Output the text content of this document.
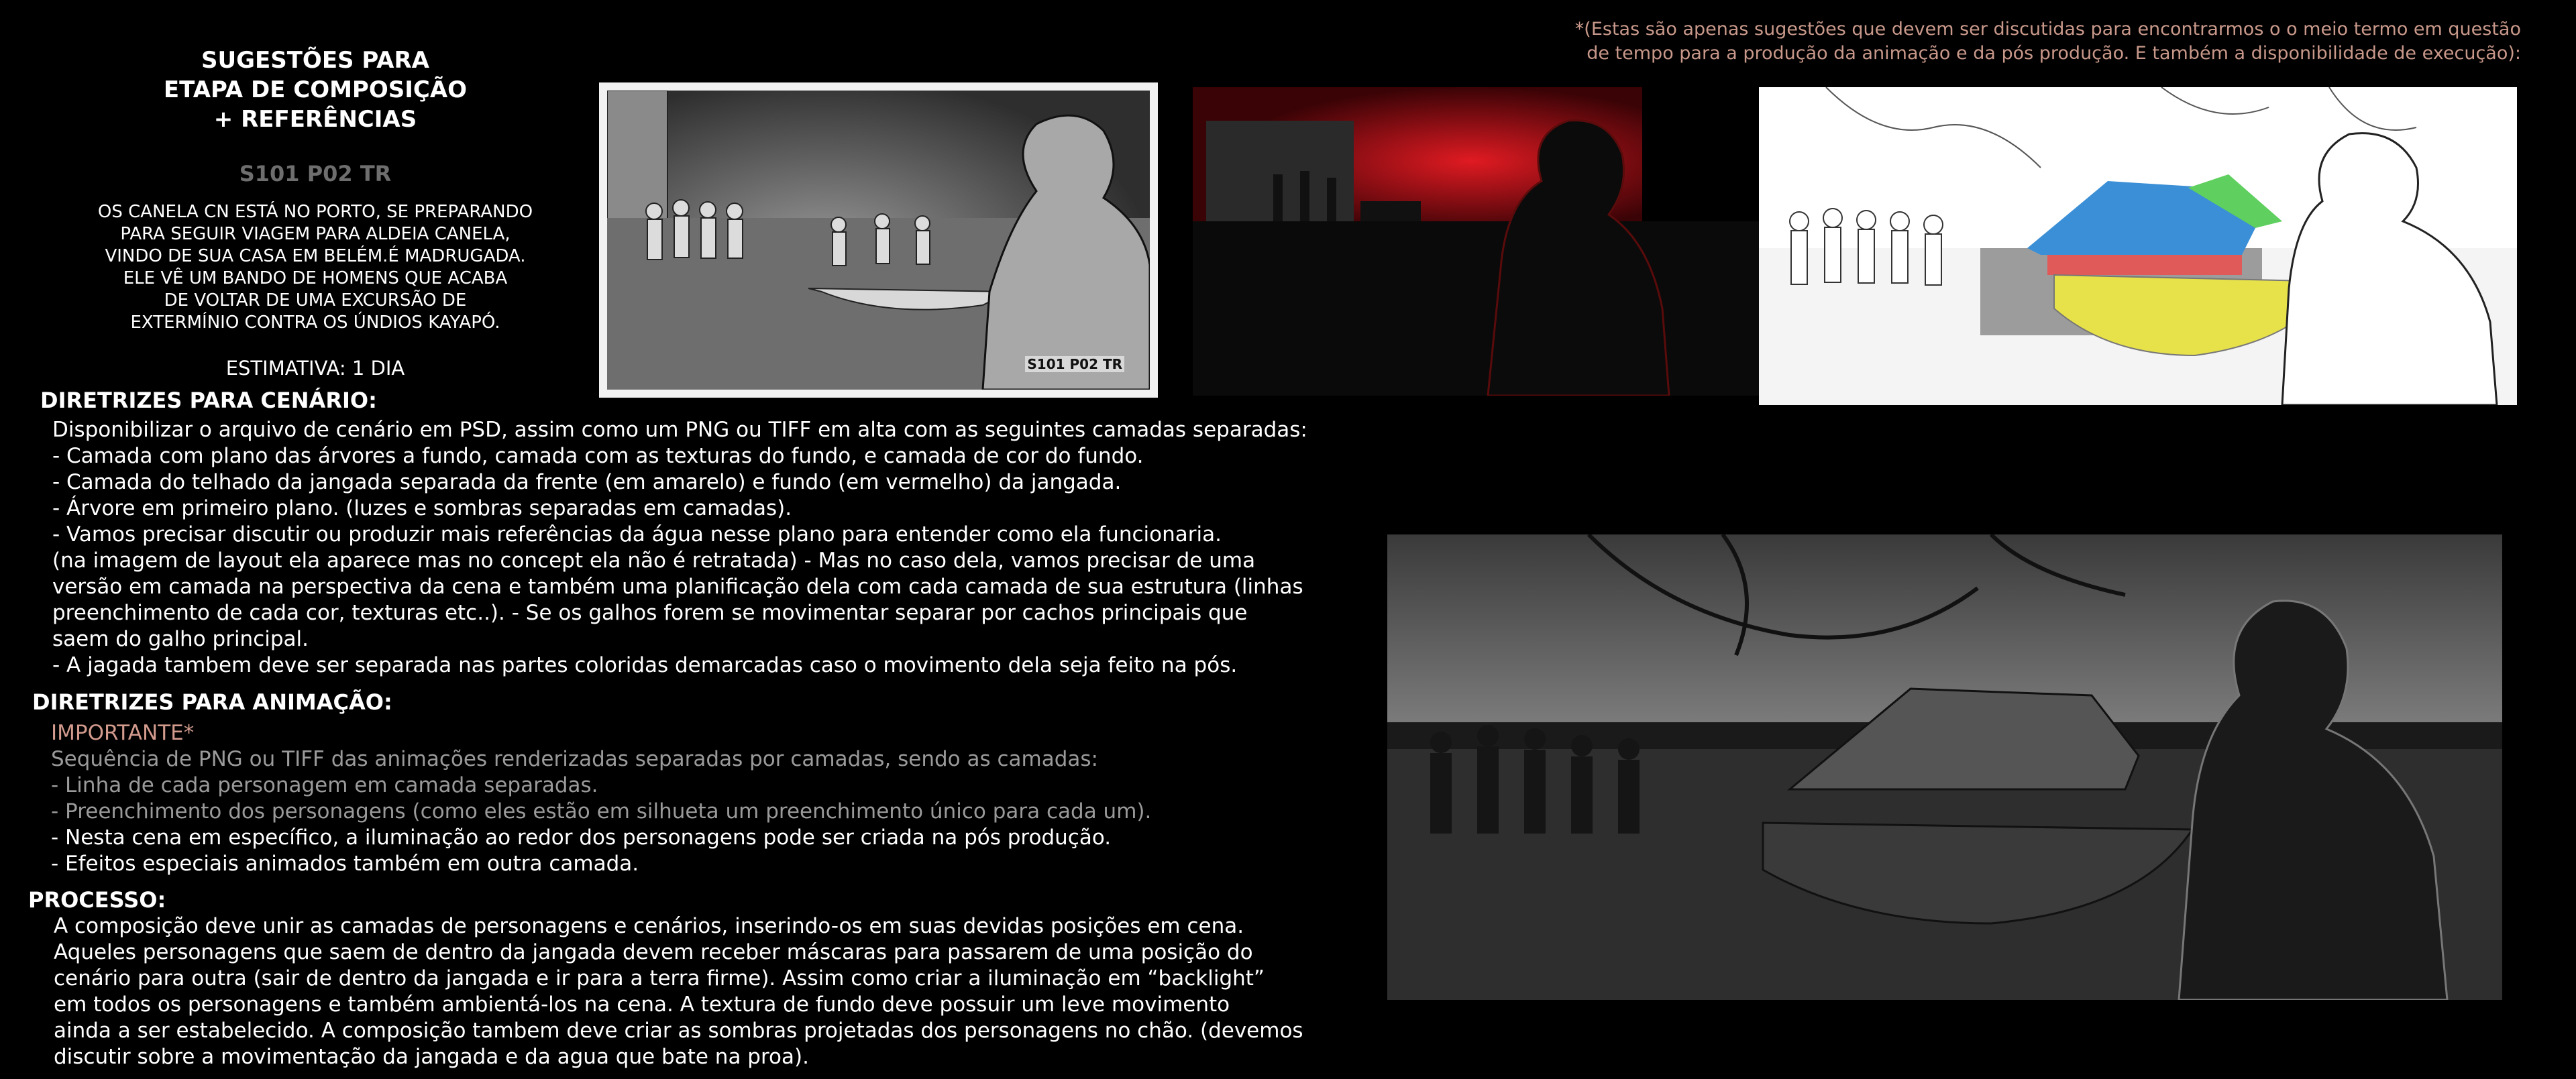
SUGESTÕES PARA
ETAPA DE COMPOSIÇÃO
+ REFERÊNCIAS
S101 P02 TR
OS CANELA CN ESTÁ NO PORTO, SE PREPARANDO
PARA SEGUIR VIAGEM PARA ALDEIA CANELA,
VINDO DE SUA CASA EM BELÉM.É MADRUGADA.
ELE VÊ UM BANDO DE HOMENS QUE ACABA
DE VOLTAR DE UMA EXCURSÃO DE
EXTERMÍNIO CONTRA OS ÚNDIOS KAYAPÓ.
ESTIMATIVA: 1 DIA
*(Estas são apenas sugestões que devem ser discutidas para encontrarmos o o meio termo em questão
de tempo para a produção da animação e da pós produção. E também a disponibilidade de execução):
DIRETRIZES PARA CENÁRIO:
Disponibilizar o arquivo de cenário em PSD, assim como um PNG ou TIFF em alta com as seguintes camadas separadas:
- Camada com plano das árvores a fundo, camada com as texturas do fundo, e camada de cor do fundo.
- Camada do telhado da jangada separada da frente (em amarelo) e fundo (em vermelho) da jangada.
- Árvore em primeiro plano. (luzes e sombras separadas em camadas).
- Vamos precisar discutir ou produzir mais referências da água nesse plano para entender como ela funcionaria.
(na imagem de layout ela aparece mas no concept ela não é retratada) - Mas no caso dela, vamos precisar de uma
versão em camada na perspectiva da cena e também uma planificação dela com cada camada de sua estrutura (linhas
preenchimento de cada cor, texturas etc..). - Se os galhos forem se movimentar separar por cachos principais que
saem do galho principal.
- A jagada tambem deve ser separada nas partes coloridas demarcadas caso o movimento dela seja feito na pós.
DIRETRIZES PARA ANIMAÇÃO:
IMPORTANTE*
Sequência de PNG ou TIFF das animações renderizadas separadas por camadas, sendo as camadas:
- Linha de cada personagem em camada separadas.
- Preenchimento dos personagens (como eles estão em silhueta um preenchimento único para cada um).
- Nesta cena em específico, a iluminação ao redor dos personagens pode ser criada na pós produção.
- Efeitos especiais animados também em outra camada.
PROCESSO:
A composição deve unir as camadas de personagens e cenários, inserindo-os em suas devidas posições em cena.
Aqueles personagens que saem de dentro da jangada devem receber máscaras para passarem de uma posição do
cenário para outra (sair de dentro da jangada e ir para a terra firme). Assim como criar a iluminação em “backlight”
em todos os personagens e também ambientá-los na cena. A textura de fundo deve possuir um leve movimento
ainda a ser estabelecido. A composição tambem deve criar as sombras projetadas dos personagens no chão. (devemos
discutir sobre a movimentação da jangada e da agua que bate na proa).
S101 P02 TR
